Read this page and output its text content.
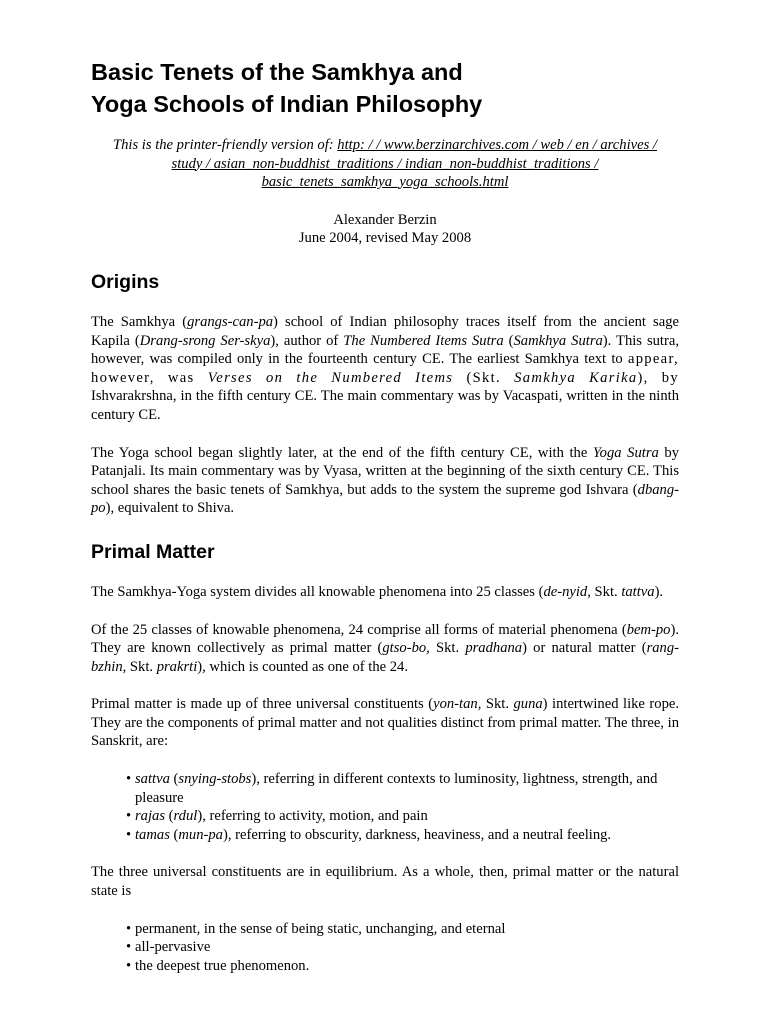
Basic Tenets of the Samkhya and
Yoga Schools of Indian Philosophy
This is the printer-friendly version of: http: / / www.berzinarchives.com / web / en / archives /
study / asian_non-buddhist_traditions / indian_non-buddhist_traditions /
basic_tenets_samkhya_yoga_schools.html
Alexander Berzin
June 2004, revised May 2008
Origins

The Samkhya (grangs-can-pa) school of Indian philosophy traces itself from the ancient sage Kapila (Drang-srong Ser-skya), author of The Numbered Items Sutra (Samkhya Sutra). This sutra, however, was compiled only in the fourteenth century CE. The earliest Samkhya text to appear, however, was Verses on the Numbered Items (Skt. Samkhya Karika), by Ishvarakrshna, in the fifth century CE. The main commentary was by Vacaspati, written in the ninth century CE.

The Yoga school began slightly later, at the end of the fifth century CE, with the Yoga Sutra by Patanjali. Its main commentary was by Vyasa, written at the beginning of the sixth century CE. This school shares the basic tenets of Samkhya, but adds to the system the supreme god Ishvara (dbang-po), equivalent to Shiva.

Primal Matter

The Samkhya-Yoga system divides all knowable phenomena into 25 classes (de-nyid, Skt. tattva).

Of the 25 classes of knowable phenomena, 24 comprise all forms of material phenomena (bem-po). They are known collectively as primal matter (gtso-bo, Skt. pradhana) or natural matter (rang-bzhin, Skt. prakrti), which is counted as one of the 24.

Primal matter is made up of three universal constituents (yon-tan, Skt. guna) intertwined like rope. They are the components of primal matter and not qualities distinct from primal matter. The three, in Sanskrit, are:

• sattva (snying-stobs), referring in different contexts to luminosity, lightness, strength, and pleasure
• rajas (rdul), referring to activity, motion, and pain
• tamas (mun-pa), referring to obscurity, darkness, heaviness, and a neutral feeling.

The three universal constituents are in equilibrium. As a whole, then, primal matter or the natural state is

• permanent, in the sense of being static, unchanging, and eternal
• all-pervasive
• the deepest true phenomenon.
